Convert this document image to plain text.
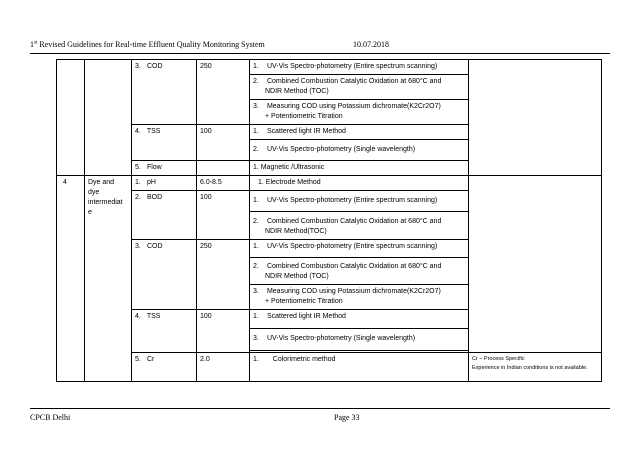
1st Revised Guidelines for Real-time Effluent Quality Monitoring System	10.07.2018
		3. COD	250	1. UV-Vis Spectro-photometry (Entire spectrum scanning)	
				2. Combined Combustion Catalytic Oxidation at 680°C and
NDIR Method (TOC)	

				3. Measuring COD using Potassium dichromate(K2Cr2O7)
+ Potentiometric Titration	

		4. TSS	100	1. Scattered light IR Method	
				2. UV-Vis Spectro-photometry (Single wavelength)	
		5. Flow		1. Magnetic /Ultrasonic	
4	Dye and
dye
intermediat
e	1. pH	6.0-8.5	1. Electrode Method	
		2. BOD	100	1. UV-Vis Spectro-photometry (Entire spectrum scanning)	
				2. Combined Combustion Catalytic Oxidation at 680°C and
NDIR Method(TOC)	

		3. COD	250	1. UV-Vis Spectro-photometry (Entire spectrum scanning)	
				2. Combined Combustion Catalytic Oxidation at 680°C and
NDIR Method (TOC)	

				3. Measuring COD using Potassium dichromate(K2Cr2O7)
+ Potentiometric Titration	

		4. TSS	100	1. Scattered light IR Method	
				3. UV-Vis Spectro-photometry (Single wavelength)	

		5. Cr	2.0	1. Colorimetric method	Cr – Process Specific
Experience in Indian conditions is not available.
CPCB Delhi	Page 33
